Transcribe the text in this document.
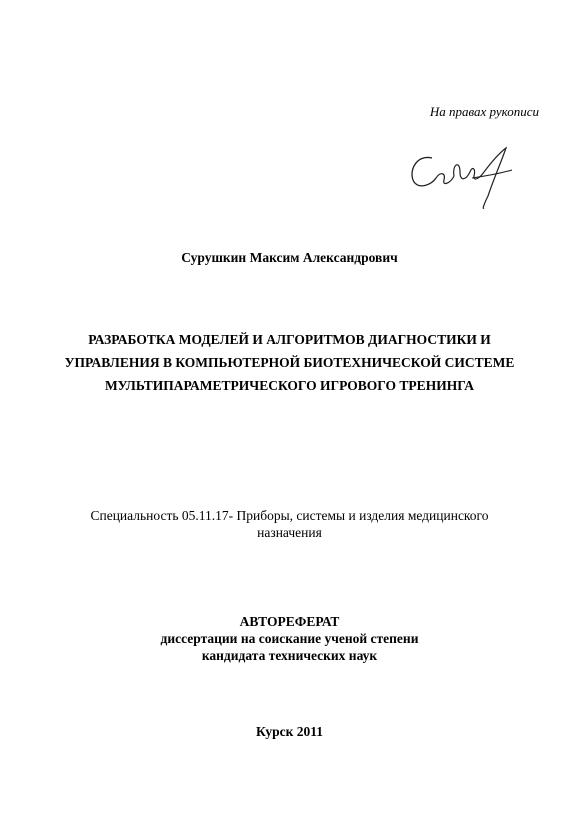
На правах рукописи
Сурушкин Максим Александрович
РАЗРАБОТКА МОДЕЛЕЙ И АЛГОРИТМОВ ДИАГНОСТИКИ И
УПРАВЛЕНИЯ В КОМПЬЮТЕРНОЙ БИОТЕХНИЧЕСКОЙ СИСТЕМЕ
МУЛЬТИПАРАМЕТРИЧЕСКОГО ИГРОВОГО ТРЕНИНГА
Специальность 05.11.17- Приборы, системы и изделия медицинского
назначения
АВТОРЕФЕРАТ
диссертации на соискание ученой степени
кандидата технических наук
Курск 2011
